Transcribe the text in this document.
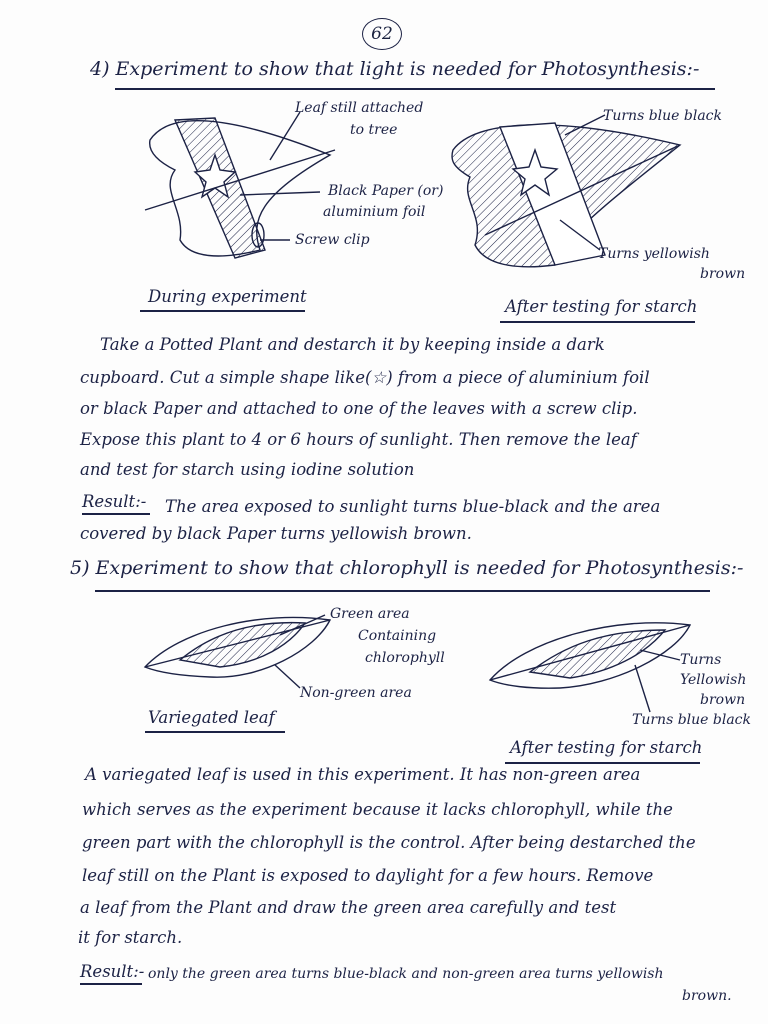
62
4) Experiment to show that light is needed for Photosynthesis:-
Leaf still attached
to tree
Black Paper (or)
aluminium foil
Screw clip
Turns blue black
Turns yellowish
brown
During experiment
After testing for starch
Take a Potted Plant and destarch it by keeping inside a dark
cupboard. Cut a simple shape like(☆) from a piece of aluminium foil
or black Paper and attached to one of the leaves with a screw clip.
Expose this plant to 4 or 6 hours of sunlight. Then remove the leaf
and test for starch using iodine solution
Result:- The area exposed to sunlight turns blue-black and the area
covered by black Paper turns yellowish brown.
5) Experiment to show that chlorophyll is needed for Photosynthesis:-
Green area
Containing
chlorophyll
Non-green area
Turns
Yellowish
brown
Turns blue black
Variegated leaf
After testing for starch
A variegated leaf is used in this experiment. It has non-green area
which serves as the experiment because it lacks chlorophyll, while the
green part with the chlorophyll is the control. After being destarched the
leaf still on the Plant is exposed to daylight for a few hours. Remove
a leaf from the Plant and draw the green area carefully and test
it for starch.
Result:- only the green area turns blue-black and non-green area turns yellowish
brown.
